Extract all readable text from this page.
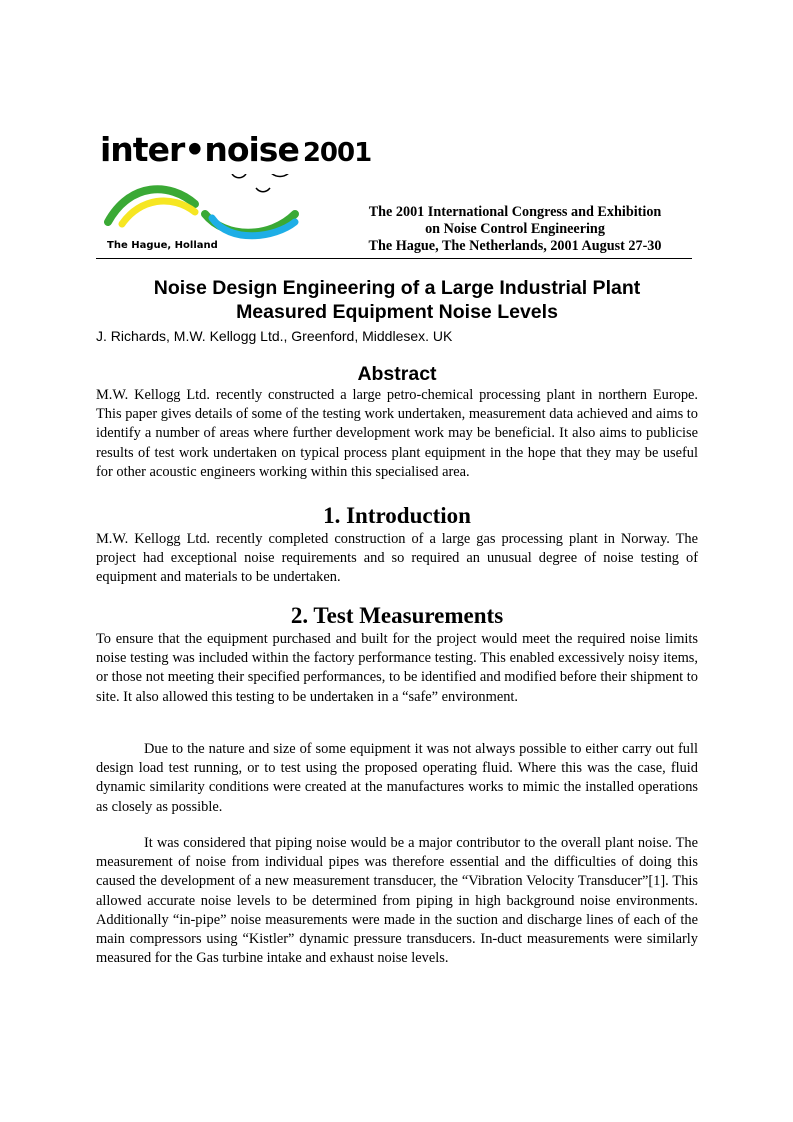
inter•noise 2001
The Hague, Holland
The 2001 International Congress and Exhibition
on Noise Control Engineering
The Hague, The Netherlands, 2001 August 27-30
Noise Design Engineering of a Large Industrial Plant
Measured Equipment Noise Levels
J. Richards, M.W. Kellogg Ltd., Greenford, Middlesex. UK
Abstract

M.W. Kellogg Ltd. recently constructed a large petro-chemical processing plant in northern Europe. This paper gives details of some of the testing work undertaken, measurement data achieved and aims to identify a number of areas where further development work may be beneficial. It also aims to publicise results of test work undertaken on typical process plant equipment in the hope that they may be useful for other acoustic engineers working within this specialised area.

1. Introduction

M.W. Kellogg Ltd. recently completed construction of a large gas processing plant in Norway. The project had exceptional noise requirements and so required an unusual degree of noise testing of equipment and materials to be undertaken.

2. Test Measurements

To ensure that the equipment purchased and built for the project would meet the required noise limits noise testing was included within the factory performance testing. This enabled excessively noisy items, or those not meeting their specified performances, to be identified and modified before their shipment to site. It also allowed this testing to be undertaken in a “safe” environment.

Due to the nature and size of some equipment it was not always possible to either carry out full design load test running, or to test using the proposed operating fluid. Where this was the case, fluid dynamic similarity conditions were created at the manufactures works to mimic the installed operations as closely as possible.

It was considered that piping noise would be a major contributor to the overall plant noise. The measurement of noise from individual pipes was therefore essential and the difficulties of doing this caused the development of a new measurement transducer, the “Vibration Velocity Transducer”[1]. This allowed accurate noise levels to be determined from piping in high background noise environments. Additionally “in-pipe” noise measurements were made in the suction and discharge lines of each of the main compressors using “Kistler” dynamic pressure transducers. In-duct measurements were similarly measured for the Gas turbine intake and exhaust noise levels.
